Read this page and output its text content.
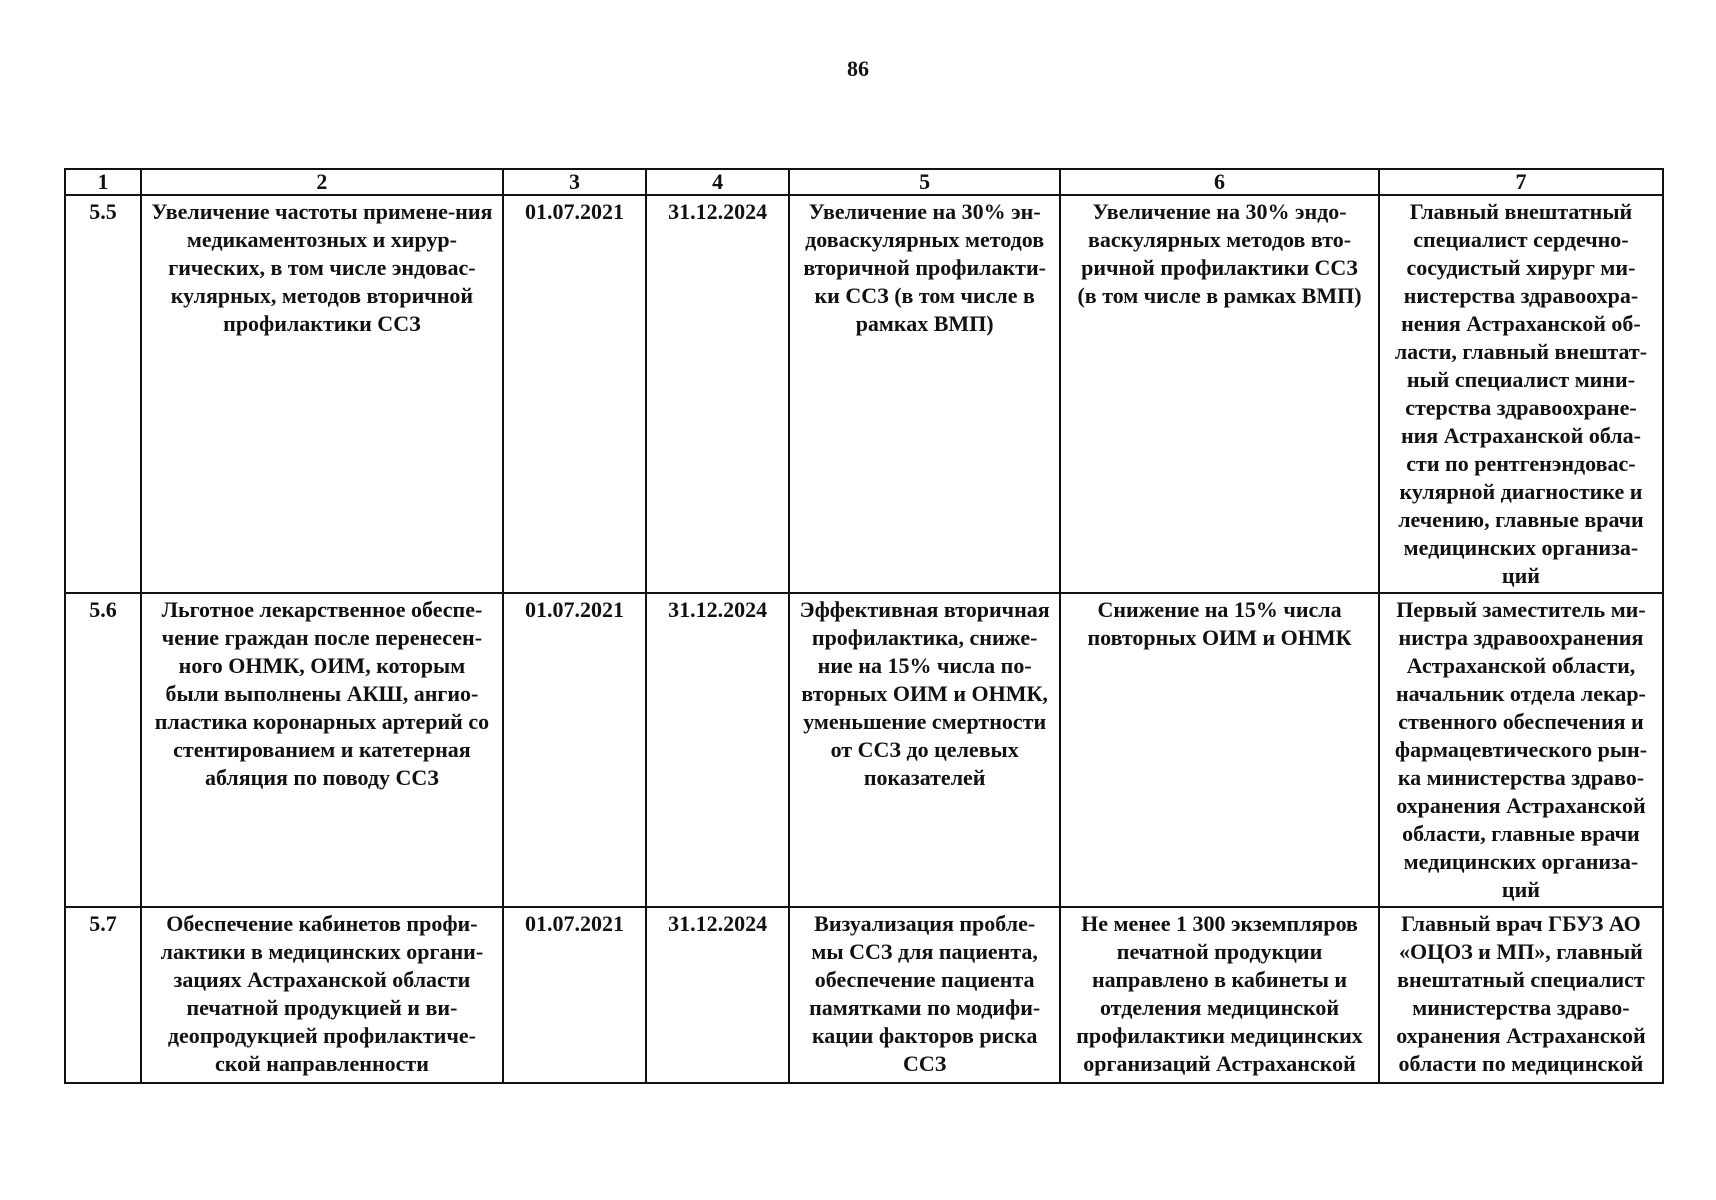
86
1	2	3	4	5	6	7
5.5	Увеличение частоты примене-ния медикаментозных и хирур-гических, в том числе эндовас-кулярных, методов вторичной профилактики ССЗ	01.07.2021	31.12.2024	Увеличение на 30% эн-доваскулярных методов вторичной профилакти-ки ССЗ (в том числе в рамках ВМП)	Увеличение на 30% эндо-васкулярных методов вто-ричной профилактики ССЗ (в том числе в рамках ВМП)	Главный внештатный специалист сердечно-сосудистый хирург ми-нистерства здравоохра-нения Астраханской об-ласти, главный внештат-ный специалист мини-стерства здравоохране-ния Астраханской обла-сти по рентгенэндовас-кулярной диагностике и лечению, главные врачи медицинских организа-ций
5.6	Льготное лекарственное обеспе-чение граждан после перенесен-ного ОНМК, ОИМ, которым были выполнены АКШ, ангио-пластика коронарных артерий со стентированием и катетерная абляция по поводу ССЗ	01.07.2021	31.12.2024	Эффективная вторичная профилактика, сниже-ние на 15% числа по-вторных ОИМ и ОНМК, уменьшение смертности от ССЗ до целевых показателей	Снижение на 15% числа повторных ОИМ и ОНМК	Первый заместитель ми-нистра здравоохранения Астраханской области, начальник отдела лекар-ственного обеспечения и фармацевтического рын-ка министерства здраво-охранения Астраханской области, главные врачи медицинских организа-ций
5.7	Обеспечение кабинетов профи-лактики в медицинских органи-зациях Астраханской области печатной продукцией и ви-деопродукцией профилактиче-ской направленности	01.07.2021	31.12.2024	Визуализация пробле-мы ССЗ для пациента, обеспечение пациента памятками по модифи-кации факторов риска ССЗ	Не менее 1 300 экземпляров печатной продукции направлено в кабинеты и отделения медицинской профилактики медицинских организаций Астраханской	Главный врач ГБУЗ АО «ОЦОЗ и МП», главный внештатный специалист министерства здраво-охранения Астраханской области по медицинской
